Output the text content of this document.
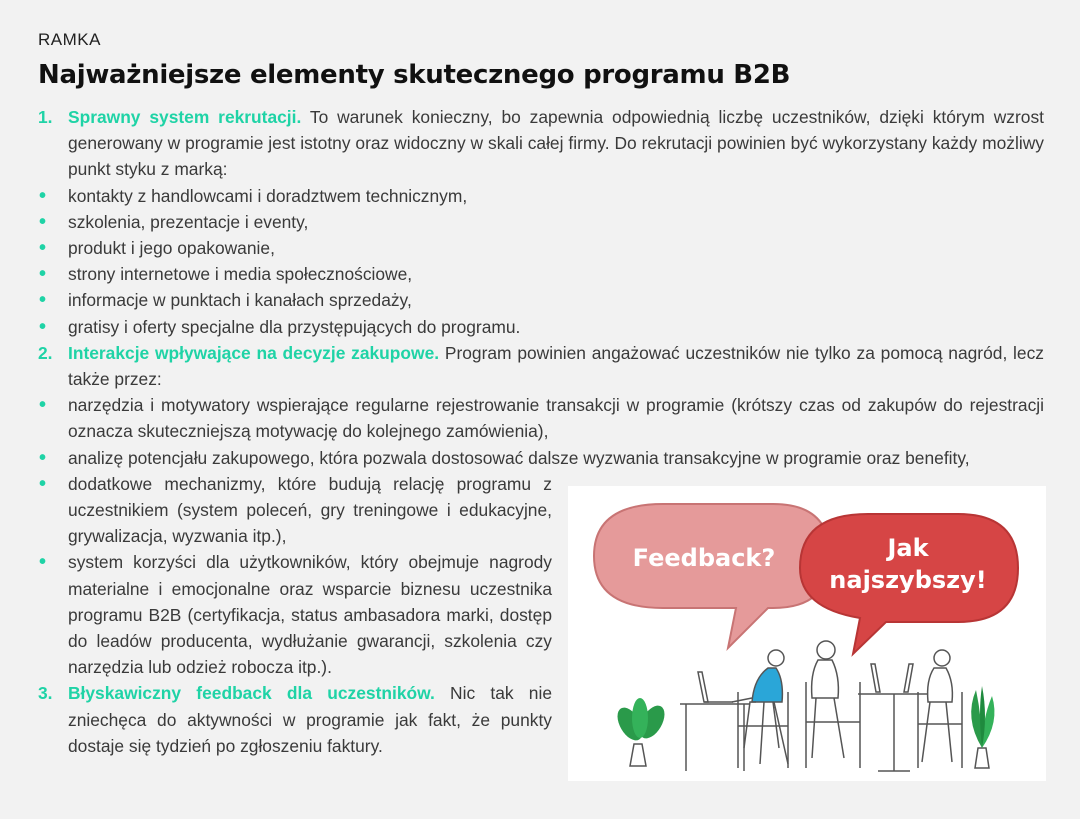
RAMKA
Najważniejsze elementy skutecznego programu B2B
1. Sprawny system rekrutacji. To warunek konieczny, bo zapewnia odpowiednią liczbę uczestników, dzięki którym wzrost generowany w programie jest istotny oraz widoczny w skali całej firmy. Do rekrutacji powinien być wykorzystany każdy możliwy punkt styku z marką:
• kontakty z handlowcami i doradztwem technicznym,
• szkolenia, prezentacje i eventy,
• produkt i jego opakowanie,
• strony internetowe i media społecznościowe,
• informacje w punktach i kanałach sprzedaży,
• gratisy i oferty specjalne dla przystępujących do programu.
2. Interakcje wpływające na decyzje zakupowe. Program powinien angażować uczestników nie tylko za pomocą nagród, lecz także przez:
• narzędzia i motywatory wspierające regularne rejestrowanie transakcji w programie (krótszy czas od zakupów do rejestracji oznacza skuteczniejszą motywację do kolejnego zamówienia),
• analizę potencjału zakupowego, która pozwala dostosować dalsze wyzwania transakcyjne w programie oraz benefity,
• dodatkowe mechanizmy, które budują relację programu z uczestnikiem (system poleceń, gry treningowe i edukacyjne, grywalizacja, wyzwania itp.),
• system korzyści dla użytkowników, który obejmuje nagrody materialne i emocjonalne oraz wsparcie biznesu uczestnika programu B2B (certyfikacja, status ambasadora marki, dostęp do leadów producenta, wydłużanie gwarancji, szkolenia czy narzędzia lub odzież robocza itp.).
3. Błyskawiczny feedback dla uczestników. Nic tak nie zniechęca do aktywności w programie jak fakt, że punkty dostaje się tydzień po zgłoszeniu faktury.
Feedback?	Jak
najszybszy!
